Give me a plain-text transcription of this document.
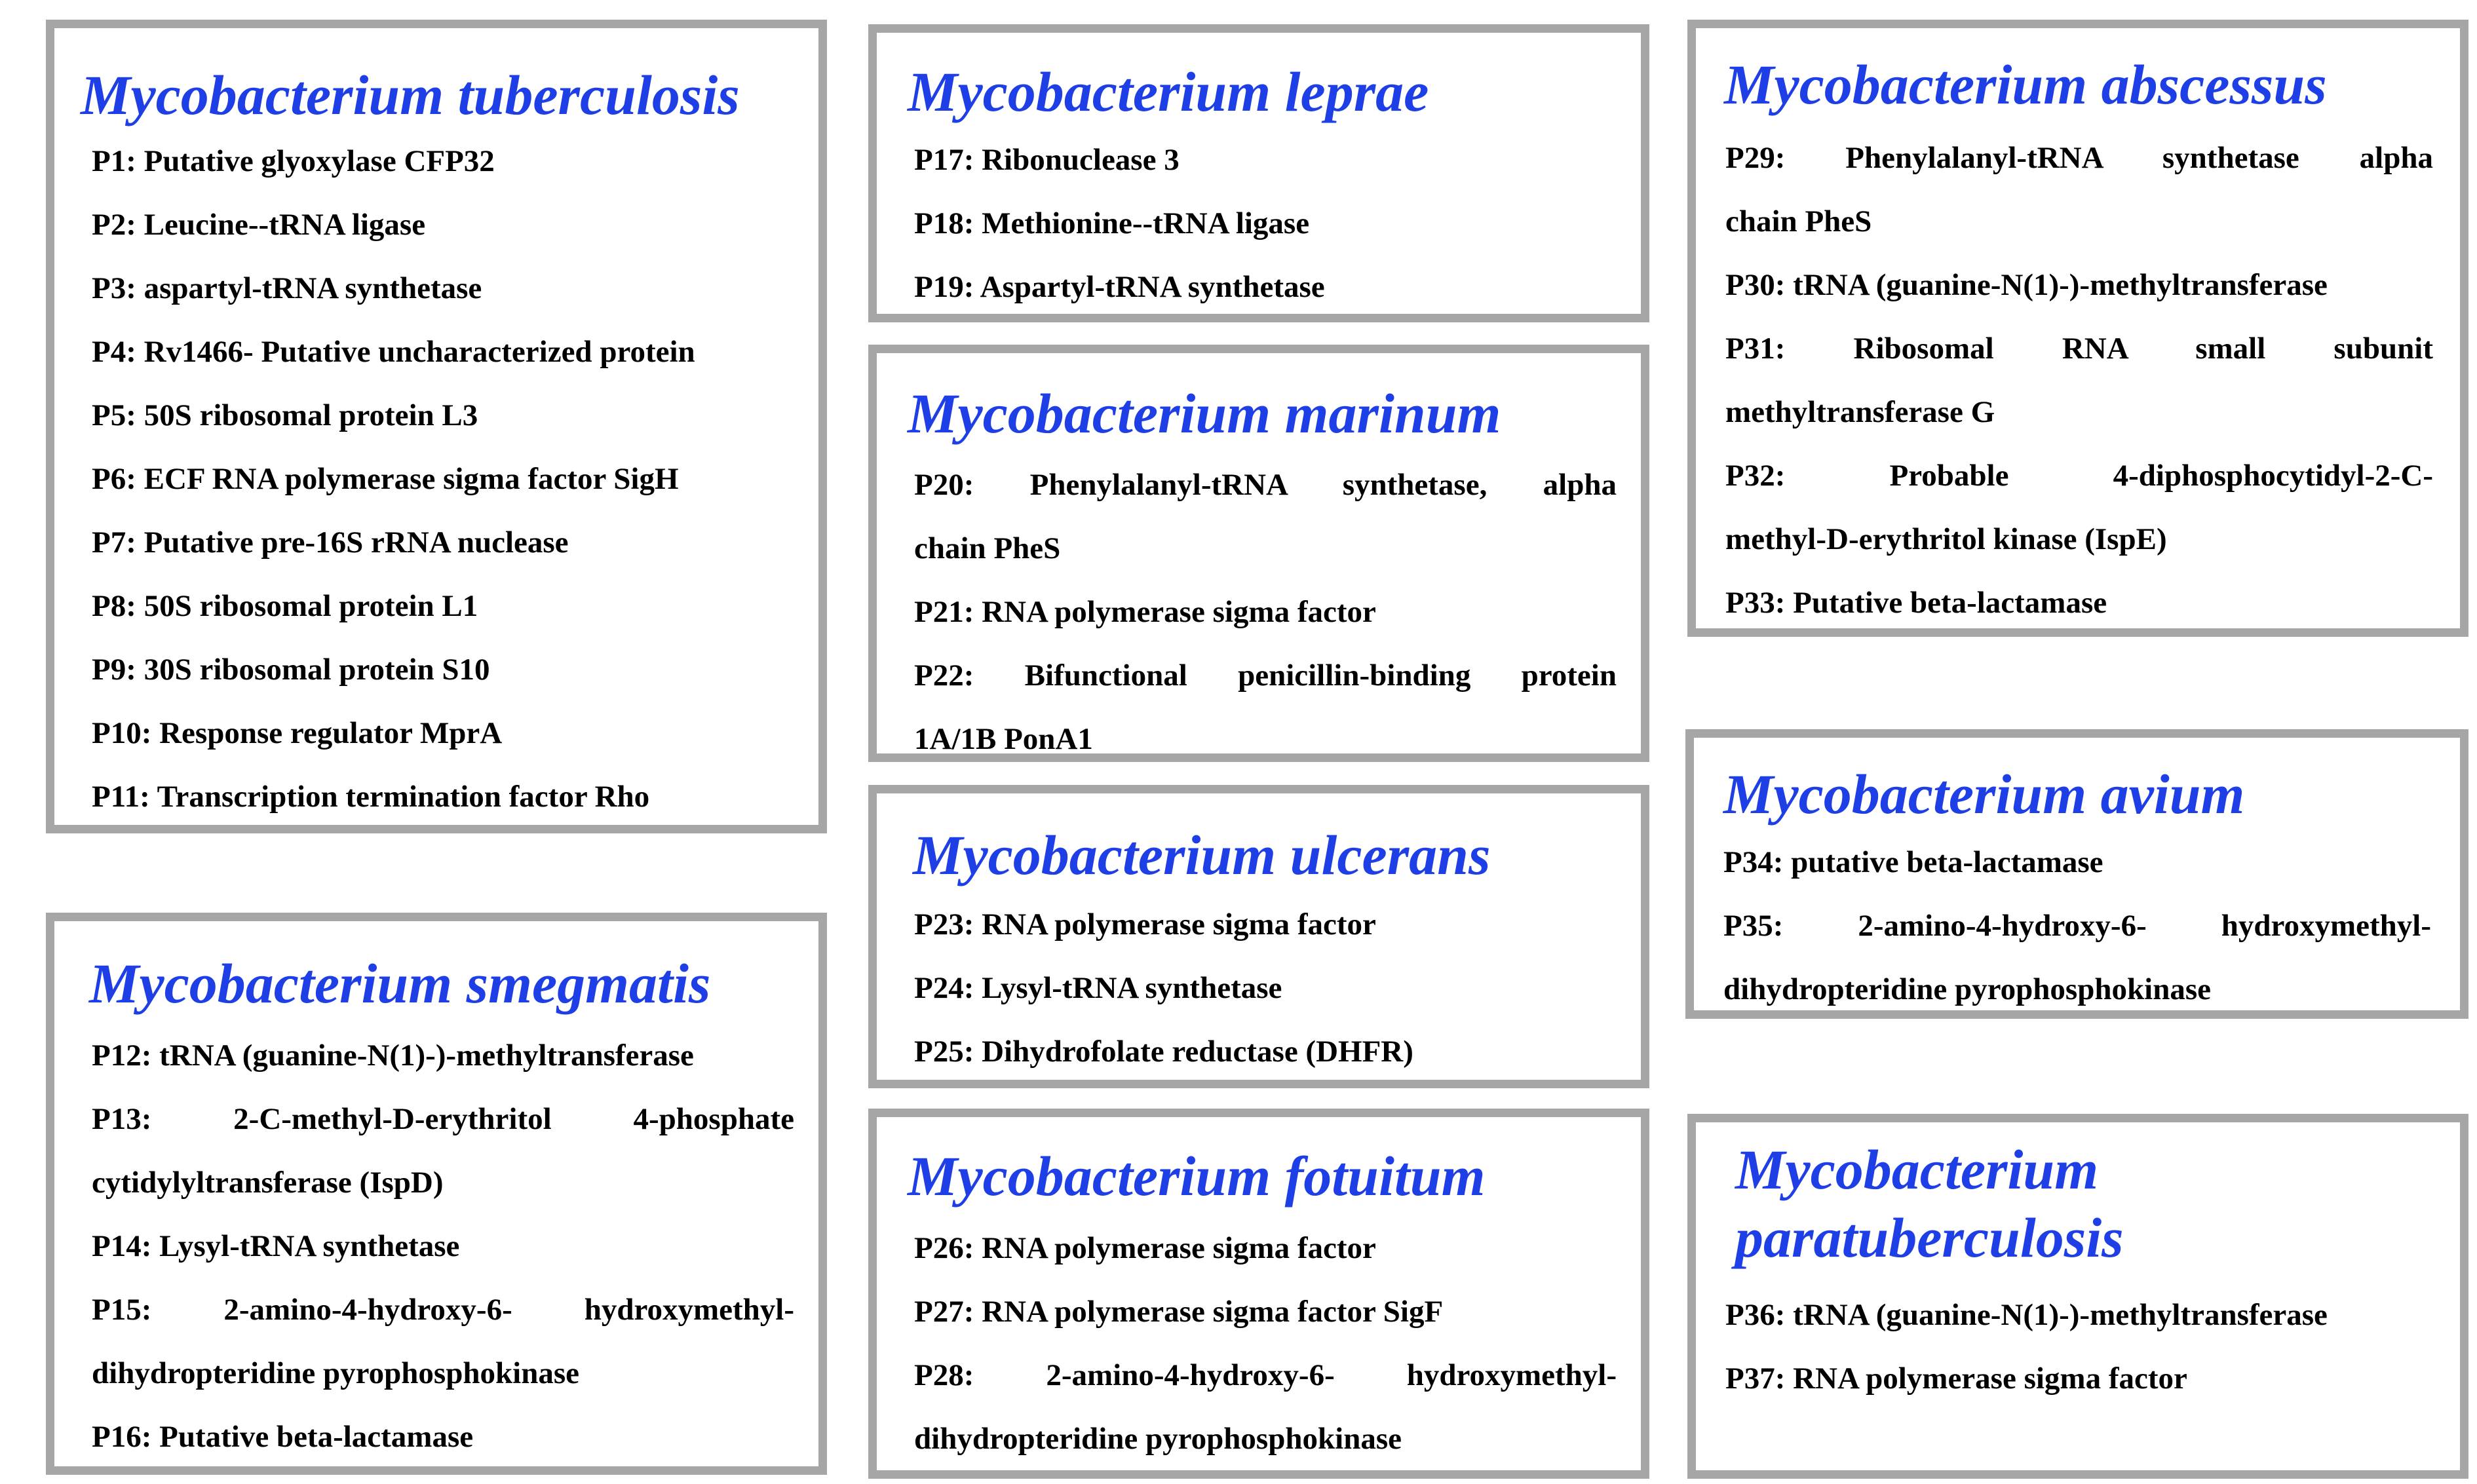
Mycobacterium tuberculosis
P1: Putative glyoxylase CFP32
P2: Leucine--tRNA ligase
P3: aspartyl-tRNA synthetase
P4: Rv1466- Putative uncharacterized protein
P5: 50S ribosomal protein L3
P6: ECF RNA polymerase sigma factor SigH
P7: Putative pre-16S rRNA nuclease
P8: 50S ribosomal protein L1
P9: 30S ribosomal protein S10
P10: Response regulator MprA
P11: Transcription termination factor Rho
Mycobacterium smegmatis
P12: tRNA (guanine-N(1)-)-methyltransferase
P13: 2-C-methyl-D-erythritol 4-phosphate
cytidylyltransferase (IspD)
P14: Lysyl-tRNA synthetase
P15: 2-amino-4-hydroxy-6- hydroxymethyl-
dihydropteridine pyrophosphokinase
P16: Putative beta-lactamase
Mycobacterium leprae
P17: Ribonuclease 3
P18: Methionine--tRNA ligase
P19: Aspartyl-tRNA synthetase
Mycobacterium marinum
P20: Phenylalanyl-tRNA synthetase, alpha
chain PheS
P21: RNA polymerase sigma factor
P22: Bifunctional penicillin-binding protein
1A/1B PonA1
Mycobacterium ulcerans
P23: RNA polymerase sigma factor
P24: Lysyl-tRNA synthetase
P25: Dihydrofolate reductase (DHFR)
Mycobacterium fotuitum
P26: RNA polymerase sigma factor
P27: RNA polymerase sigma factor SigF
P28: 2-amino-4-hydroxy-6- hydroxymethyl-
dihydropteridine pyrophosphokinase
Mycobacterium abscessus
P29: Phenylalanyl-tRNA synthetase alpha
chain PheS
P30: tRNA (guanine-N(1)-)-methyltransferase
P31: Ribosomal RNA small subunit
methyltransferase G
P32: Probable 4-diphosphocytidyl-2-C-
methyl-D-erythritol kinase (IspE)
P33: Putative beta-lactamase
Mycobacterium avium
P34: putative beta-lactamase
P35: 2-amino-4-hydroxy-6- hydroxymethyl-
dihydropteridine pyrophosphokinase
Mycobacterium paratuberculosis
P36: tRNA (guanine-N(1)-)-methyltransferase
P37: RNA polymerase sigma factor
